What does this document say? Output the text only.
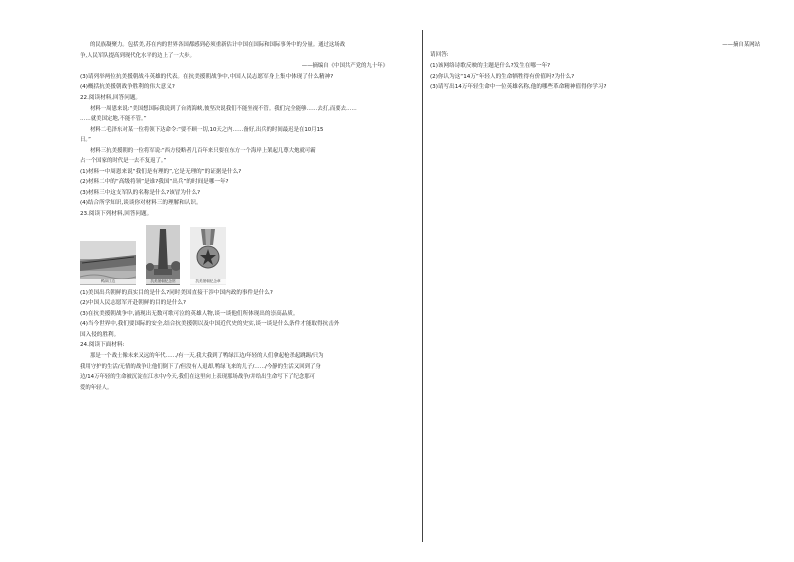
的民族凝聚力。包括美,苏在内的世界各国都感到必须重新估计中国在国际和国际事务中的分量。通过这场战

争,人民军队提高到现代化水平的边上了一大步。

——摘编自《中国共产党的九十年》

(3)请列举两位抗美援朝战斗英雄的代表。在抗美援朝战争中,中国人民志愿军身上集中体现了什么精神?

(4)概括抗美援朝战争胜利的伟大意义?

22.阅读材料,回答问题。

材料一周恩来说:“美国想国际我说到了台湾海峡,彼坚决说我们不能坐视不管。我们完全能够……去打,而要去……

……就美国定地,不能不管。”

材料二毛泽东对某一位将领下达命令:“要不顾一切,10天之内……备好,出兵的时间最迟是在10月15

日。”

材料三抗美援朝的一位将军说:“西方侵略者几百年来只要在东方一个海岸上架起几尊大炮就可霸

占一个国家的时代是一去不复返了。”

(1)材料一中周恩来说“我们是有理的”,它是无理的”的证据是什么?

(2)材料二中的“高级将领”是谁?我国“出兵”的时间是哪一年?

(3)材料三中这支军队的名称是什么?该冒为什么?

(4)结合所学知识,谈谈你对材料三的理解和认识。

23.阅读下列材料,回答问题。

鸭绿江边	抗美援朝纪念馆	抗美援朝纪念章

(1)美国出兵朝鲜的真实目的是什么?同时美国直接干涉中国内政的事件是什么?

(2)中国人民志愿军开赴朝鲜的目的是什么?

(3)在抗美援朝战争中,涌现出无数可歌可泣的英雄人物,谈一谈他们所体现出的崇高品质。

(4)当今世界中,我们要国际的安全,结合抗美援朝以及中国近代史的史实,谈一谈是什么条件才能取得抗击外

国入侵的胜利。

24.阅读下面材料:

那是一个战士像未来又远的年代……/有一天,我大我到了鸭绿江边/年轻的人们拿起枪杀起跳踢/只为

我用守护的生活/无情的战争让他们倒下了/但没有人退却,鸭绿飞来的儿子/……/今静的生活又回到了身

边/14万年轻的生命被沉淀在江水中/今天,我们在这里向上表现那场战争/并给出生命写下了纪念那可

爱的年轻人。

——摘自某网站

请回答:

(1)该网络诗歌反映的主题是什么?发生在哪一年?

(2)你认为这“14万”年轻人的生命牺牲得有价值吗?为什么?

(3)请写出14万年轻生命中一位英雄名称,他的哪些革命精神值得你学习?
